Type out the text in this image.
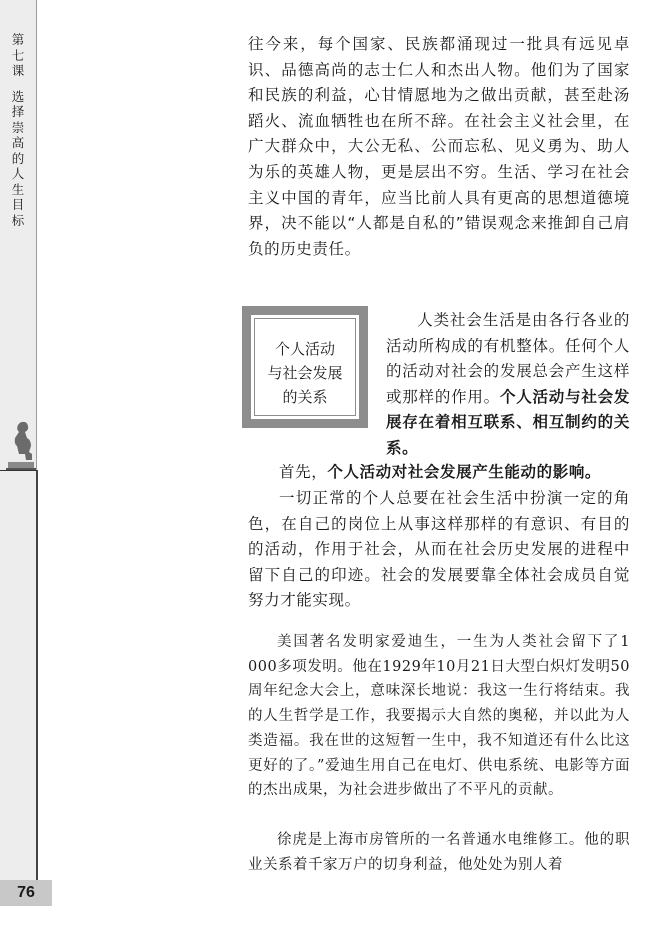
第七课
选择崇高的人生目标
76

往今来，每个国家、民族都涌现过一批具有远见卓识、品德高尚的志士仁人和杰出人物。他们为了国家和民族的利益，心甘情愿地为之做出贡献，甚至赴汤蹈火、流血牺牲也在所不辞。在社会主义社会里，在广大群众中，大公无私、公而忘私、见义勇为、助人为乐的英雄人物，更是层出不穷。生活、学习在社会主义中国的青年，应当比前人具有更高的思想道德境界，决不能以“人都是自私的”错误观念来推卸自己肩负的历史责任。

个人活动
与社会发展
的关系

人类社会生活是由各行各业的活动所构成的有机整体。任何个人的活动对社会的发展总会产生这样或那样的作用。个人活动与社会发展存在着相互联系、相互制约的关系。

首先，个人活动对社会发展产生能动的影响。

一切正常的个人总要在社会生活中扮演一定的角色，在自己的岗位上从事这样那样的有意识、有目的的活动，作用于社会，从而在社会历史发展的进程中留下自己的印迹。社会的发展要靠全体社会成员自觉努力才能实现。

美国著名发明家爱迪生，一生为人类社会留下了1 000多项发明。他在1929年10月21日大型白炽灯发明50周年纪念大会上，意味深长地说：我这一生行将结束。我的人生哲学是工作，我要揭示大自然的奥秘，并以此为人类造福。我在世的这短暂一生中，我不知道还有什么比这更好的了。”爱迪生用自己在电灯、供电系统、电影等方面的杰出成果，为社会进步做出了不平凡的贡献。

徐虎是上海市房管所的一名普通水电维修工。他的职业关系着千家万户的切身利益，他处处为别人着
